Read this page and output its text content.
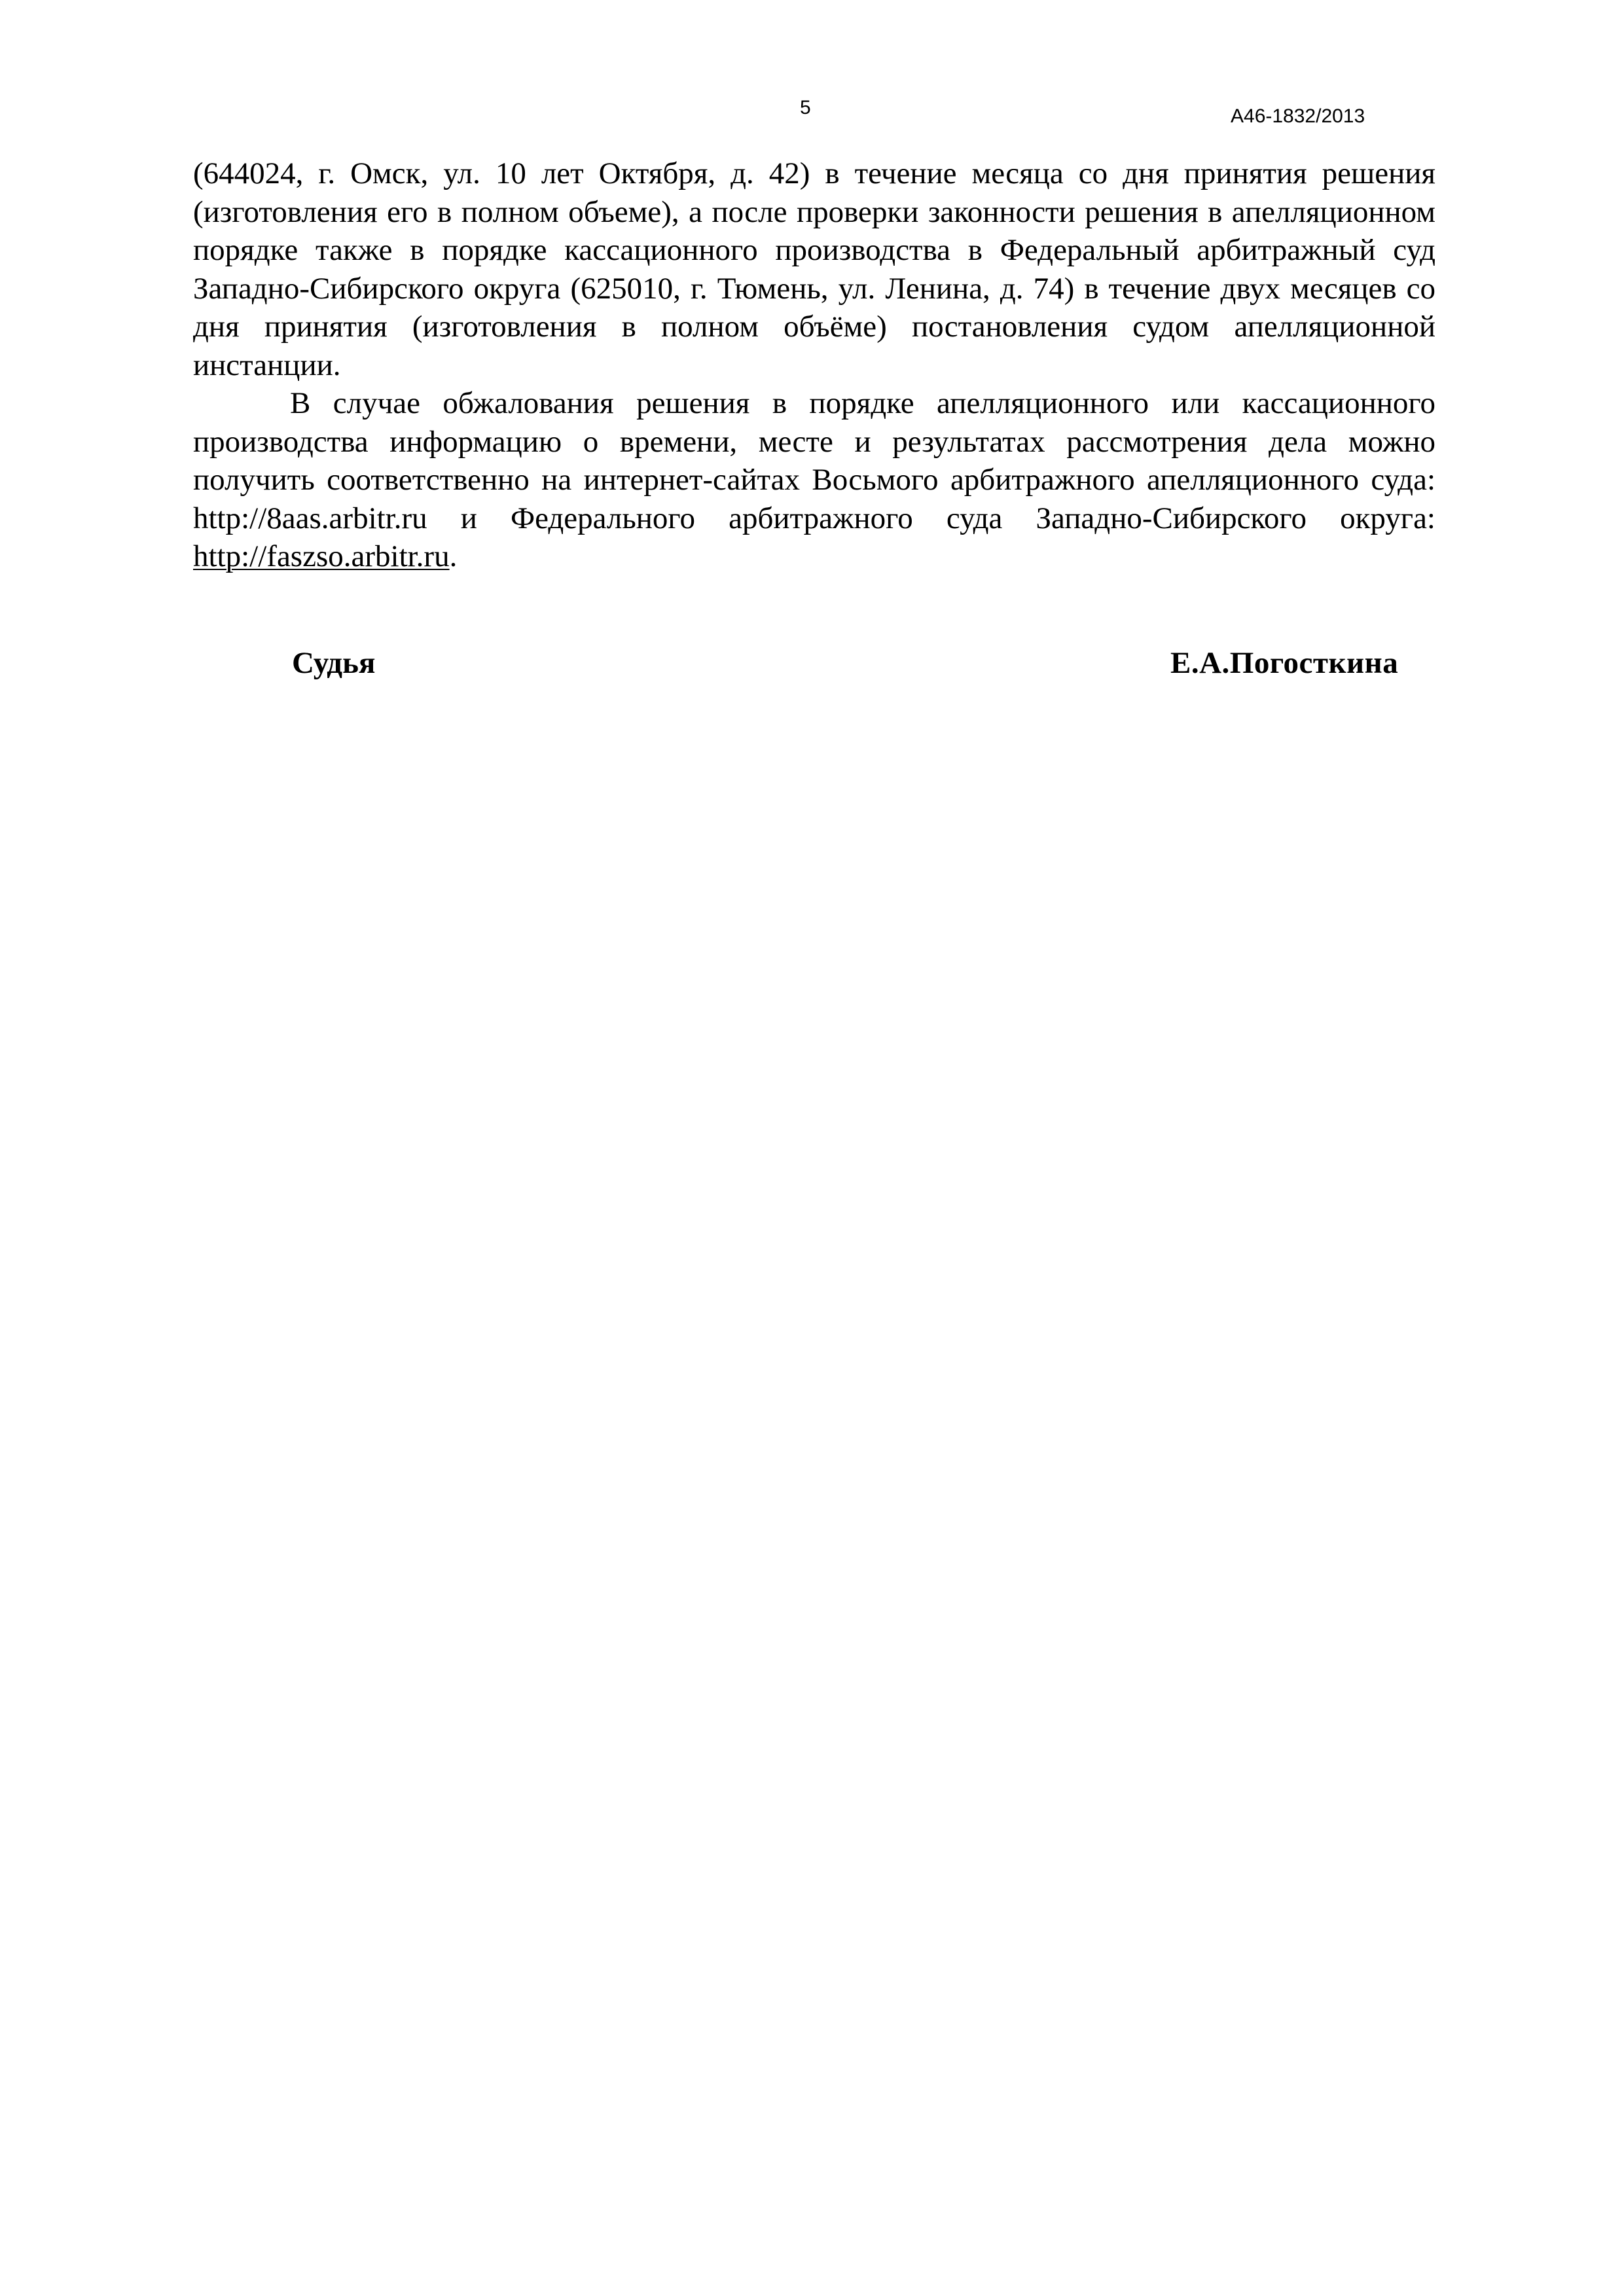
5	А46-1832/2013

(644024, г. Омск, ул. 10 лет Октября, д. 42) в течение месяца со дня принятия решения (изготовления его в полном объеме), а после проверки законности решения в апелляционном порядке также в порядке кассационного производства в Федеральный арбитражный суд Западно-Сибирского округа (625010, г. Тюмень, ул. Ленина, д. 74) в течение двух месяцев со дня принятия (изготовления в полном объёме) постановления судом апелляционной инстанции.

В случае обжалования решения в порядке апелляционного или кассационного производства информацию о времени, месте и результатах рассмотрения дела можно получить соответственно на интернет-сайтах Восьмого арбитражного апелляционного суда: http://8aas.arbitr.ru и Федерального арбитражного суда Западно-Сибирского округа: http://faszso.arbitr.ru.

Судья	Е.А.Погосткина
